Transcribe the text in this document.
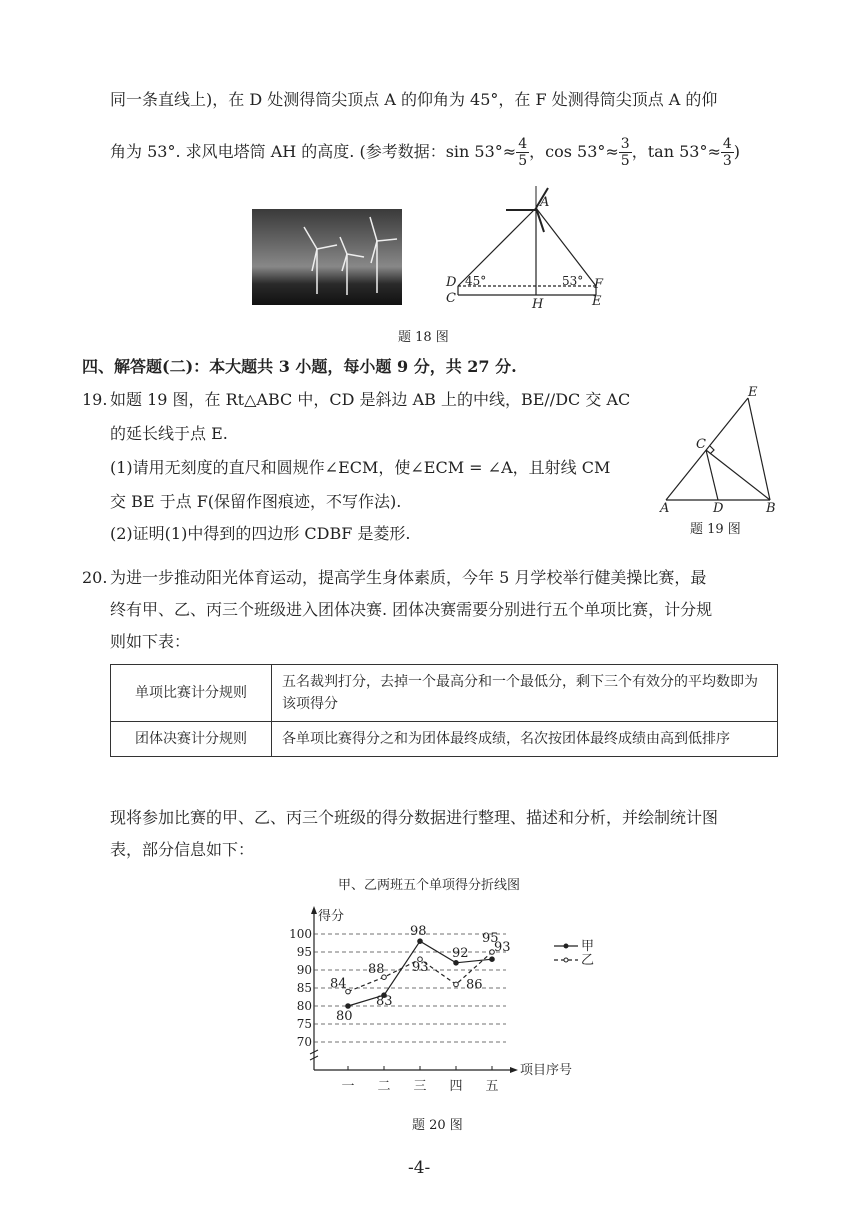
同一条直线上)，在 D 处测得筒尖顶点 A 的仰角为 45°，在 F 处测得筒尖顶点 A 的仰
角为 53°. 求风电塔筒 AH 的高度. (参考数据：$\sin 53^\circ\approx \frac{4}{5}$ ，$\cos 53^\circ\approx \frac{3}{5}$ ，$\tan 53^\circ\approx \frac{4}{3}$ )
A
D
C	H
F
E
45°	53°
题 18 图
四、解答题(二)：本大题共 3 小题，每小题 9 分，共 27 分.
19. 如题 19 图，在 Rt△ABC 中，CD 是斜边 AB 上的中线，BE//DC 交 AC
的延长线于点 E.
(1)请用无刻度的直尺和圆规作∠ECM，使∠ECM = ∠A，且射线 CM
交 BE 于点 F(保留作图痕迹，不写作法).
(2)证明(1)中得到的四边形 CDBF 是菱形.
E
C
A	D	B
题 19 图
20. 为进一步推动阳光体育运动，提高学生身体素质，今年 5 月学校举行健美操比赛，最
终有甲、乙、丙三个班级进入团体决赛. 团体决赛需要分别进行五个单项比赛，计分规
则如下表：
单项比赛计分规则	五名裁判打分，去掉一个最高分和一个最低分，剩下三个有效分的平均数即为该项得分
团体决赛计分规则	各单项比赛得分之和为团体最终成绩，名次按团体最终成绩由高到低排序
现将参加比赛的甲、乙、丙三个班级的得分数据进行整理、描述和分析，并绘制统计图
表，部分信息如下：
甲、乙两班五个单项得分折线图
得分
项目序号
70
75
80
85
90
95
100
一 二 三 四 五
80
83
98
92 93
84
88 93
86
95
甲
乙
题 20 图
-4-
